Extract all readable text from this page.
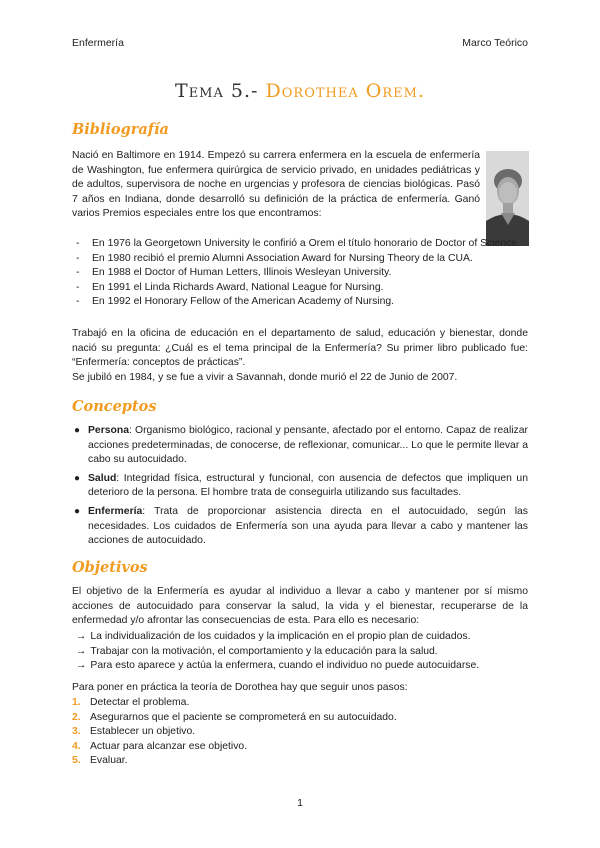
Enfermería	Marco Teórico
Tema 5.- Dorothea Orem.
Bibliografía

Nació en Baltimore en 1914. Empezó su carrera enfermera en la escuela de enfermería de Washington, fue enfermera quirúrgica de servicio privado, en unidades pediátricas y de adultos, supervisora de noche en urgencias y profesora de ciencias biológicas. Pasó 7 años en Indiana, donde desarrolló su definición de la práctica de enfermería. Ganó varios Premios especiales entre los que encontramos:

- En 1976 la Georgetown University le confirió a Orem el título honorario de Doctor of Science.
- En 1980 recibió el premio Alumni Association Award for Nursing Theory de la CUA.
- En 1988 el Doctor of Human Letters, Illinois Wesleyan University.
- En 1991 el Linda Richards Award, National League for Nursing.
- En 1992 el Honorary Fellow of the American Academy of Nursing.

Trabajó en la oficina de educación en el departamento de salud, educación y bienestar, donde nació su pregunta: ¿Cuál es el tema principal de la Enfermería? Su primer libro publicado fue: “Enfermería: conceptos de prácticas”.

Se jubiló en 1984, y se fue a vivir a Savannah, donde murió el 22 de Junio de 2007.

Conceptos
● Persona: Organismo biológico, racional y pensante, afectado por el entorno. Capaz de realizar acciones predeterminadas, de conocerse, de reflexionar, comunicar... Lo que le permite llevar a cabo su autocuidado.
● Salud: Integridad física, estructural y funcional, con ausencia de defectos que impliquen un deterioro de la persona. El hombre trata de conseguirla utilizando sus facultades.
● Enfermería: Trata de proporcionar asistencia directa en el autocuidado, según las necesidades. Los cuidados de Enfermería son una ayuda para llevar a cabo y mantener las acciones de autocuidado.
Objetivos

El objetivo de la Enfermería es ayudar al individuo a llevar a cabo y mantener por sí mismo acciones de autocuidado para conservar la salud, la vida y el bienestar, recuperarse de la enfermedad y/o afrontar las consecuencias de esta. Para ello es necesario:

→ La individualización de los cuidados y la implicación en el propio plan de cuidados.
→ Trabajar con la motivación, el comportamiento y la educación para la salud.
→ Para esto aparece y actúa la enfermera, cuando el individuo no puede autocuidarse.

Para poner en práctica la teoría de Dorothea hay que seguir unos pasos:

1. Detectar el problema.
2. Asegurarnos que el paciente se comprometerá en su autocuidado.
3. Establecer un objetivo.
4. Actuar para alcanzar ese objetivo.
5. Evaluar.
1
